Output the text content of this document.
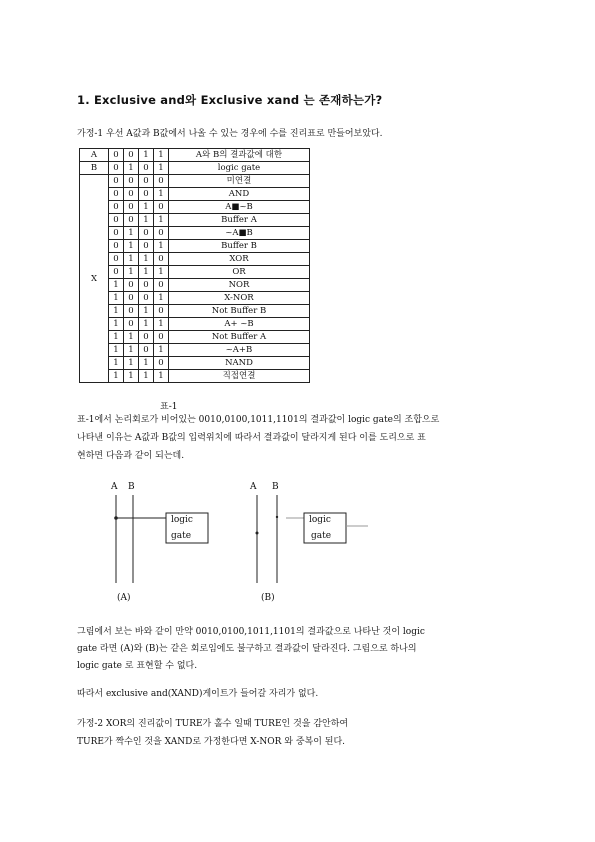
1. Exclusive and와 Exclusive xand 는 존재하는가?
가정-1 우선 A값과 B값에서 나올 수 있는 경우에 수를 진리표로 만들어보았다.
A	0	0	1	1	A와 B의 결과값에 대한
B	0	1	0	1	logic gate
X	0	0	0	0	미연결
	0	0	0	1	AND
	0	0	1	0	A■~B
	0	0	1	1	Buffer A
	0	1	0	0	~A■B
	0	1	0	1	Buffer B
	0	1	1	0	XOR
	0	1	1	1	OR
	1	0	0	0	NOR
	1	0	0	1	X-NOR
	1	0	1	0	Not Buffer B
	1	0	1	1	A+ ~B
	1	1	0	0	Not Buffer A
	1	1	0	1	~A+B
	1	1	1	0	NAND
	1	1	1	1	직접연결
표-1
표-1에서 논리회로가 비어있는 0010,0100,1011,1101의 결과값이 logic gate의 조합으로
나타낸 이유는 A값과 B값의 입력위치에 따라서 결과값이 달라지게 된다 이를 도리으로 표
현하면 다음과 같이 되는데.
A B
logic
gate
(A)
A B
logic
gate
(B)
그림에서 보는 바와 같이 만약 0010,0100,1011,1101의 결과값으로 나타난 것이 logic
gate 라면 (A)와 (B)는 같은 회로임에도 불구하고 결과값이 달라진다. 그림으로 하나의
logic gate 로 표현할 수 없다.
따라서 exclusive and(XAND)게이트가 들어갈 자리가 없다.
가정-2 XOR의 진리값이 TURE가 홀수 일때 TURE인 것을 감안하여
TURE가 짝수인 것을 XAND로 가정한다면 X-NOR 와 중복이 된다.
